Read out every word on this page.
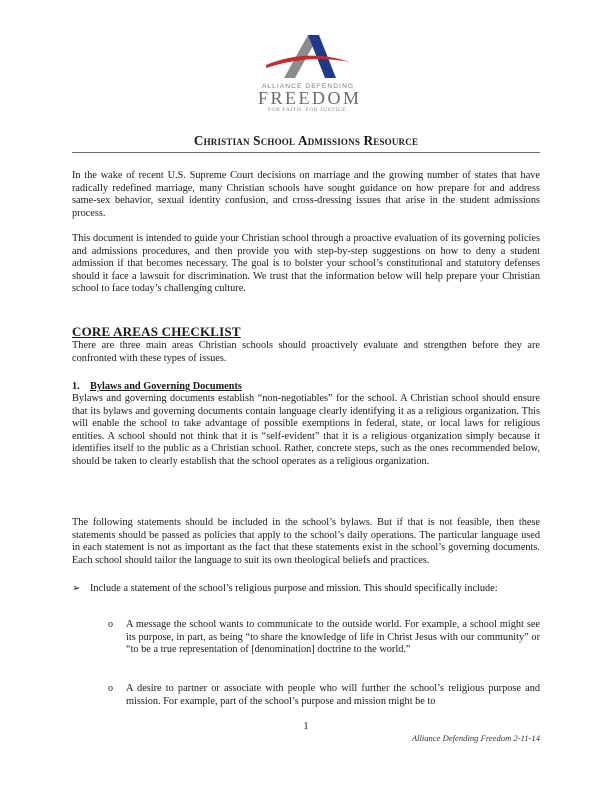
ALLIANCE DEFENDING
FREEDOM
FOR FAITH. FOR JUSTICE.
Christian School Admissions Resource
In the wake of recent U.S. Supreme Court decisions on marriage and the growing number of states that have radically redefined marriage, many Christian schools have sought guidance on how prepare for and address same-sex behavior, sexual identity confusion, and cross-dressing issues that arise in the student admissions process.
This document is intended to guide your Christian school through a proactive evaluation of its governing policies and admissions procedures, and then provide you with step-by-step suggestions on how to deny a student admission if that becomes necessary. The goal is to bolster your school’s constitutional and statutory defenses should it face a lawsuit for discrimination. We trust that the information below will help prepare your Christian school to face today’s challenging culture.
CORE AREAS CHECKLIST
There are three main areas Christian schools should proactively evaluate and strengthen before they are confronted with these types of issues.
1. Bylaws and Governing Documents
Bylaws and governing documents establish “non-negotiables” for the school. A Christian school should ensure that its bylaws and governing documents contain language clearly identifying it as a religious organization. This will enable the school to take advantage of possible exemptions in federal, state, or local laws for religious entities. A school should not think that it is “self-evident” that it is a religious organization simply because it identifies itself to the public as a Christian school. Rather, concrete steps, such as the ones recommended below, should be taken to clearly establish that the school operates as a religious organization.
The following statements should be included in the school’s bylaws. But if that is not feasible, then these statements should be passed as policies that apply to the school’s daily operations. The particular language used in each statement is not as important as the fact that these statements exist in the school’s governing documents. Each school should tailor the language to suit its own theological beliefs and practices.
➢ Include a statement of the school’s religious purpose and mission. This should specifically include:
o	A message the school wants to communicate to the outside world. For example, a school might see its purpose, in part, as being “to share the knowledge of life in Christ Jesus with our community” or “to be a true representation of [denomination] doctrine to the world.”
o	A desire to partner or associate with people who will further the school’s religious purpose and mission. For example, part of the school’s purpose and mission might be to
1
Alliance Defending Freedom 2-11-14
